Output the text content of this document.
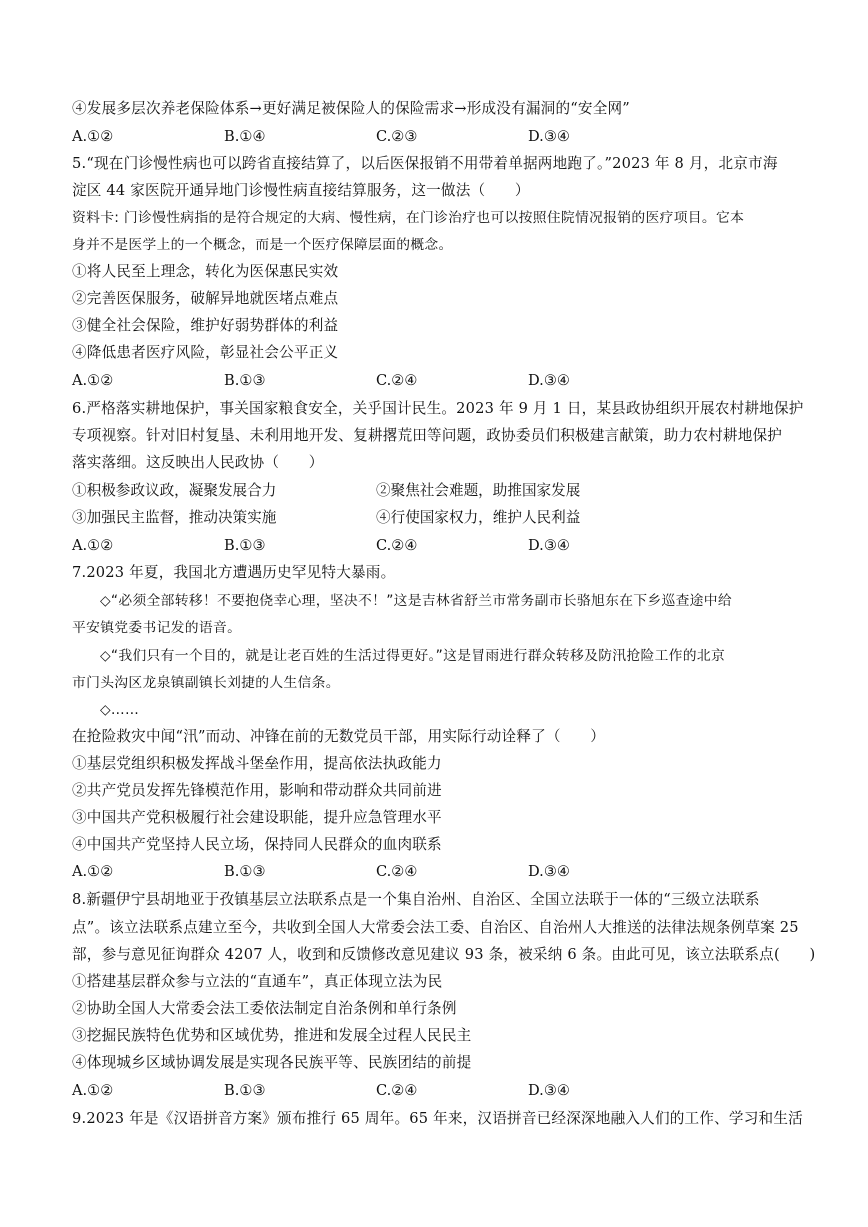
④发展多层次养老保险体系→更好满足被保险人的保险需求→形成没有漏洞的“安全网”
A.①②	B.①④	C.②③	D.③④
5.“现在门诊慢性病也可以跨省直接结算了，以后医保报销不用带着单据两地跑了。”2023 年 8 月，北京市海
淀区 44 家医院开通异地门诊慢性病直接结算服务，这一做法（　　）
资料卡: 门诊慢性病指的是符合规定的大病、慢性病，在门诊治疗也可以按照住院情况报销的医疗项目。它本
身并不是医学上的一个概念，而是一个医疗保障层面的概念。
①将人民至上理念，转化为医保惠民实效
②完善医保服务，破解异地就医堵点难点
③健全社会保险，维护好弱势群体的利益
④降低患者医疗风险，彰显社会公平正义
A.①②	B.①③	C.②④	D.③④
6.严格落实耕地保护，事关国家粮食安全，关乎国计民生。2023 年 9 月 1 日，某县政协组织开展农村耕地保护
专项视察。针对旧村复垦、未利用地开发、复耕撂荒田等问题，政协委员们积极建言献策，助力农村耕地保护
落实落细。这反映出人民政协（　　）
①积极参政议政，凝聚发展合力	②聚焦社会难题，助推国家发展
③加强民主监督，推动决策实施	④行使国家权力，维护人民利益
A.①②	B.①③	C.②④	D.③④
7.2023 年夏，我国北方遭遇历史罕见特大暴雨。
◇“必须全部转移！不要抱侥幸心理，坚决不！”这是吉林省舒兰市常务副市长骆旭东在下乡巡查途中给
平安镇党委书记发的语音。
◇“我们只有一个目的，就是让老百姓的生活过得更好。”这是冒雨进行群众转移及防汛抢险工作的北京
市门头沟区龙泉镇副镇长刘捷的人生信条。
◇……
在抢险救灾中闻“汛”而动、冲锋在前的无数党员干部，用实际行动诠释了（　　）
①基层党组织积极发挥战斗堡垒作用，提高依法执政能力
②共产党员发挥先锋模范作用，影响和带动群众共同前进
③中国共产党积极履行社会建设职能，提升应急管理水平
④中国共产党坚持人民立场，保持同人民群众的血肉联系
A.①②	B.①③	C.②④	D.③④
8.新疆伊宁县胡地亚于孜镇基层立法联系点是一个集自治州、自治区、全国立法联于一体的“三级立法联系
点”。该立法联系点建立至今，共收到全国人大常委会法工委、自治区、自治州人大推送的法律法规条例草案 25
部，参与意见征询群众 4207 人，收到和反馈修改意见建议 93 条，被采纳 6 条。由此可见，该立法联系点(　　)
①搭建基层群众参与立法的“直通车”，真正体现立法为民
②协助全国人大常委会法工委依法制定自治条例和单行条例
③挖掘民族特色优势和区域优势，推进和发展全过程人民民主
④体现城乡区域协调发展是实现各民族平等、民族团结的前提
A.①②	B.①③	C.②④	D.③④
9.2023 年是《汉语拼音方案》颁布推行 65 周年。65 年来，汉语拼音已经深深地融入人们的工作、学习和生活
